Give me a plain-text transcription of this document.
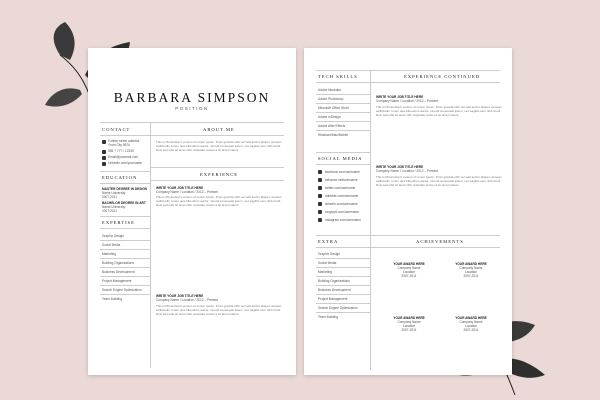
BARBARA SIMPSON
POSITION
CONTACT	ABOUT ME
Further street address
Yrom City 9876
555 + 777 / 12345
Email@yourmail.com
LinkedIn.com/yourname
This is Photoshop's version of Lorem Ipsum. Proin gravida nibh vel velit auctor aliquet. Aenean sollicitudin, lorem quis bibendum auctor, nisi elit consequat ipsum, nec sagittis sem nibh id elit. Duis sed odio sit amet nibh vulputate cursus a sit amet mauris.
EDUCATION
EXPERIENCE
MASTER DEGREE IN DESIGN
Name University
2007-2011
BACHELOR DEGREE IN ART
Name University
2007-2011
WRITE YOUR JOB TITLE HERE
Company Name / Location / 2012 – Present
This is Photoshop's version of Lorem Ipsum. Proin gravida nibh vel velit auctor aliquet. Aenean sollicitudin, lorem quis bibendum auctor, nisi elit consequat ipsum, nec sagittis sem nibh id elit. Duis sed odio sit amet nibh vulputate cursus a sit amet mauris.
EXPERTISE
Graphic Design
Social Media
Marketing
Building Organizations
Business Development
Project Management
Search Engine Optimization
Team Building
WRITE YOUR JOB TITLE HERE
Company Name / Location / 2012 – Present
This is Photoshop's version of Lorem Ipsum. Proin gravida nibh vel velit auctor aliquet. Aenean sollicitudin, lorem quis bibendum auctor, nisi elit consequat ipsum, nec sagittis sem nibh id elit. Duis sed odio sit amet nibh vulputate cursus a sit amet mauris.
TECH SKILLS	EXPERIENCE CONTINUED
Adobe Illustrator
Adobe Photoshop
Microsoft Office Word
Adobe InDesign
Adobe After Effects
Windows/Mac/Mobile
WRITE YOUR JOB TITLE HERE
Company Name / Location / 2012 – Present
This is Photoshop's version of Lorem Ipsum. Proin gravida nibh vel velit auctor aliquet. Aenean sollicitudin, lorem quis bibendum auctor, nisi elit consequat ipsum, nec sagittis sem nibh id elit. Duis sed odio sit amet nibh vulputate cursus a sit amet mauris.
SOCIAL MEDIA
facebook.com/username
behance.net/username
twitter.com/username
dribbble.com/username
linkedin.com/username
blogspot.com/username
instagram.com/username
WRITE YOUR JOB TITLE HERE
Company Name / Location / 2012 – Present
This is Photoshop's version of Lorem Ipsum. Proin gravida nibh vel velit auctor aliquet. Aenean sollicitudin, lorem quis bibendum auctor, nisi elit consequat ipsum, nec sagittis sem nibh id elit. Duis sed odio sit amet nibh vulputate cursus a sit amet mauris.
EXTRA	ACHIEVEMENTS
Graphic Design
Social Media
Marketing
Building Organizations
Business Development
Project Management
Search Engine Optimization
Team Building
YOUR AWARD HERE
Company Name
Location
2007-2011
YOUR AWARD HERE
Company Name
Location
2007-2011
YOUR AWARD HERE
Company Name
Location
2007-2011
YOUR AWARD HERE
Company Name
Location
2007-2011
